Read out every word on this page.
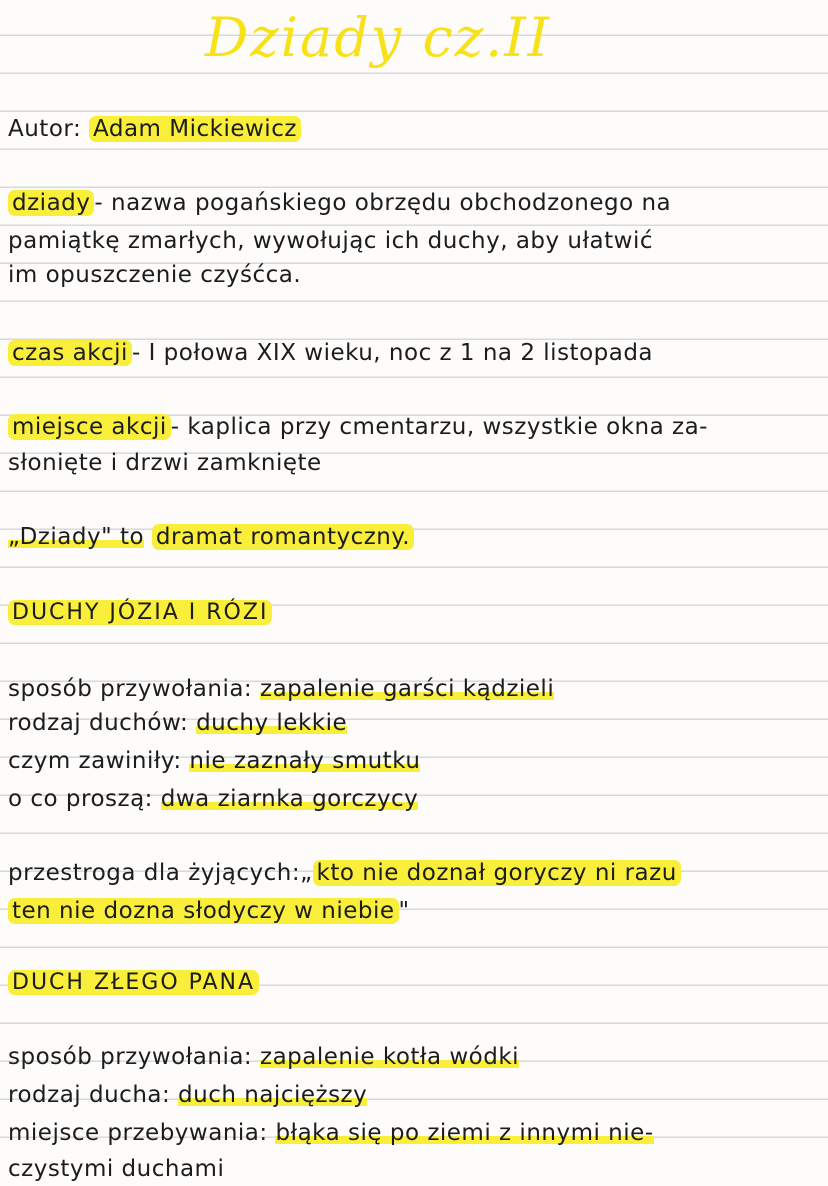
Dziady cz.II
Autor: Adam Mickiewicz
dziady - nazwa pogańskiego obrzędu obchodzonego na
pamiątkę zmarłych, wywołując ich duchy, aby ułatwić
im opuszczenie czyśćca.
czas akcji - I połowa XIX wieku, noc z 1 na 2 listopada
miejsce akcji - kaplica przy cmentarzu, wszystkie okna za-
słonięte i drzwi zamknięte
„Dziady" to dramat romantyczny.
DUCHY JÓZIA I RÓZI
sposób przywołania: zapalenie garści kądzieli
rodzaj duchów: duchy lekkie
czym zawiniły: nie zaznały smutku
o co proszą: dwa ziarnka gorczycy
przestroga dla żyjących:„ kto nie doznał goryczy ni razu
ten nie dozna słodyczy w niebie "
DUCH ZŁEGO PANA
sposób przywołania: zapalenie kotła wódki
rodzaj ducha: duch najcięższy
miejsce przebywania: błąka się po ziemi z innymi nie-
czystymi duchami
